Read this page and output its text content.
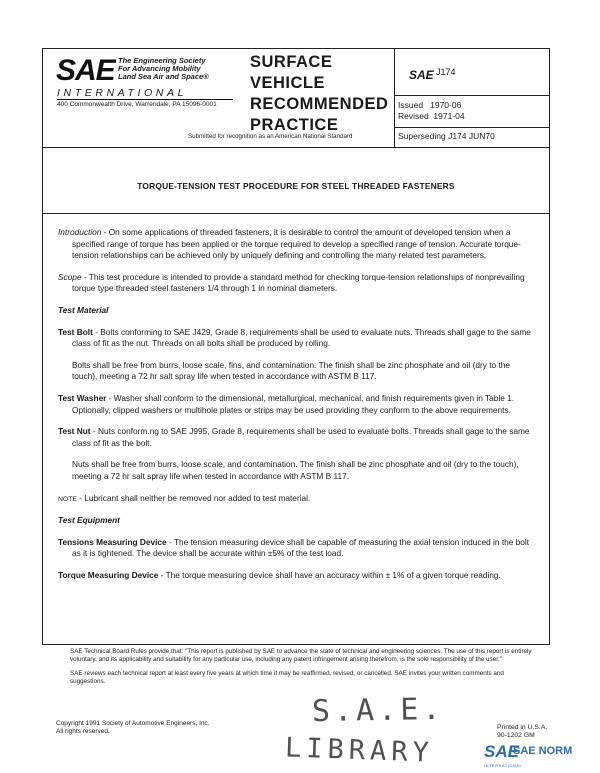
SAE The Engineering Society
For Advancing Mobility
Land Sea Air and Space®
INTERNATIONAL
400 Commonwealth Drive, Warrendale, PA 15096-0001
SURFACE
VEHICLE
RECOMMENDED
PRACTICE
Submitted for recognition as an American National Standard
SAE J174
Issued   1970-06
Revised  1971-04
Superseding J174 JUN70
TORQUE-TENSION TEST PROCEDURE FOR STEEL THREADED FASTENERS

Introduction - On some applications of threaded fasteners, it is desirable to control the amount of developed tension when a specified range of torque has been applied or the torque required to develop a specified range of tension. Accurate torque-tension relationships can be achieved only by uniquely defining and controlling the many related test parameters.

Scope - This test procedure is intended to provide a standard method for checking torque-tension relationships of nonprevailing torque type threaded steel fasteners 1/4 through 1 in nominal diameters.

Test Material

Test Bolt - Bolts conforming to SAE J429, Grade 8, requirements shall be used to evaluate nuts. Threads shall gage to the same class of fit as the nut. Threads on all bolts shall be produced by rolling.

Bolts shall be free from burrs, loose scale, fins, and contamination. The finish shall be zinc phosphate and oil (dry to the touch), meeting a 72 hr salt spray life when tested in accordance with ASTM B 117.

Test Washer - Washer shall conform to the dimensional, metallurgical, mechanical, and finish requirements given in Table 1. Optionally, clipped washers or multihole plates or strips may be used providing they conform to the above requirements.

Test Nut - Nuts conform.ng to SAE J995, Grade 8, requirements shall be used to evaluate bolts. Threads shall gage to the same class of fit as the bolt.

Nuts shall be free from burrs, loose scale, and contamination. The finish shall be zinc phosphate and oil (dry to the touch), meeting a 72 hr salt spray life when tested in accordance with ASTM B 117.

NOTE - Lubricant shall neither be removed nor added to test material.

Test Equipment

Tensions Measuring Device - The tension measuring device shall be capable of measuring the axial tension induced in the bolt as it is tightened. The device shall be accurate within ±5% of the test load.

Torque Measuring Device - The torque measuring device shall have an accuracy within ± 1% of a given torque reading.

SAE Technical Board Rules provide that: "This report is published by SAE to advance the state of technical and engineering sciences. The use of this report is entirely voluntary, and its applicability and suitability for any particular use, including any patent infringement arising therefrom, is the sole responsibility of the user."

SAE reviews each technical report at least every five years at which time it may be reaffirmed, revised, or cancelled. SAE invites your written comments and suggestions.

Copyright 1991 Society of Automotive Engineers, Inc.
All rights reserved.
S.A.E.
LIBRARY
Printed in U.S.A.
90-1202 GM
SAE
SAE NORM
INTERNATIONAL
